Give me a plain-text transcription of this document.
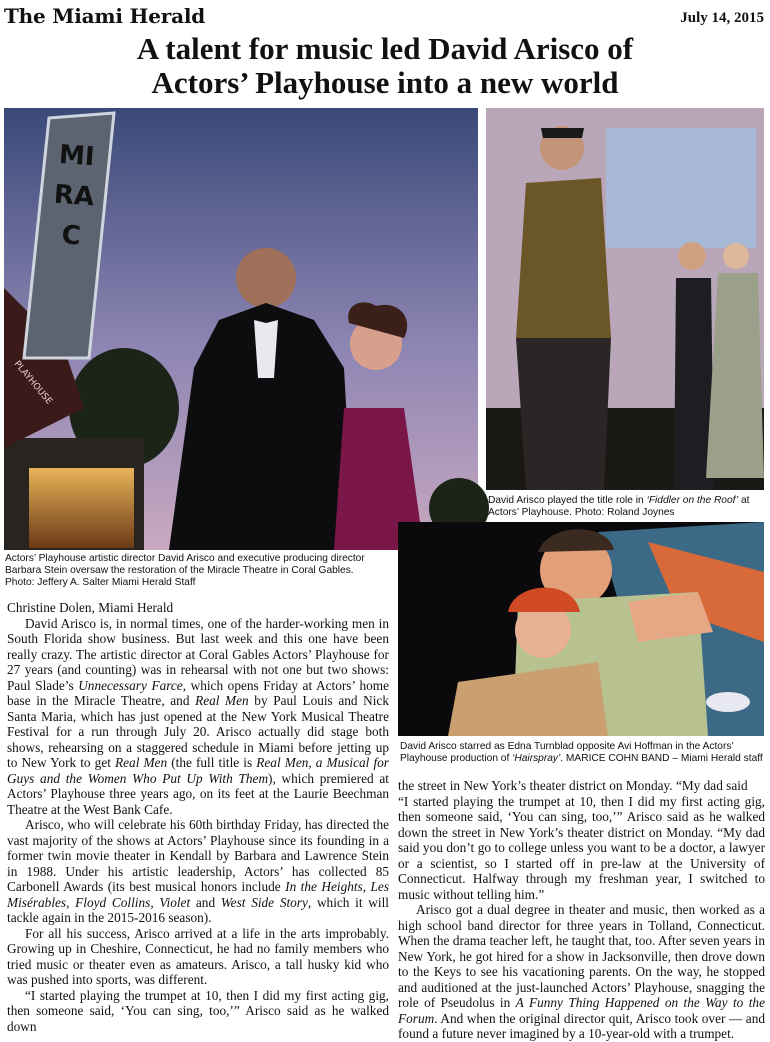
The Miami Herald	July 14, 2015
A talent for music led David Arisco of
Actors’ Playhouse into a new world
MIRAC
PLAYHOUSE
Actors’ Playhouse artistic director David Arisco and executive producing director
Barbara Stein oversaw the restoration of the Miracle Theatre in Coral Gables.
Photo: Jeffery A. Salter Miami Herald Staff
David Arisco played the title role in ‘Fiddler on the Roof’ at
Actors’ Playhouse. Photo: Roland Joynes
David Arisco starred as Edna Turnblad opposite Avi Hoffman in the Actors’
Playhouse production of ‘Hairspray’. MARICE COHN BAND – Miami Herald staff

Christine Dolen, Miami Herald

David Arisco is, in normal times, one of the harder-working men in South Florida show business. But last week and this one have been really crazy. The artistic director at Coral Gables Actors’ Playhouse for 27 years (and counting) was in rehearsal with not one but two shows: Paul Slade’s Unnecessary Farce, which opens Friday at Actors’ home base in the Miracle Theatre, and Real Men by Paul Louis and Nick Santa Maria, which has just opened at the New York Musical Theatre Festival for a run through July 20. Arisco actually did stage both shows, rehearsing on a staggered schedule in Miami before jetting up to New York to get Real Men (the full title is Real Men, a Musical for Guys and the Women Who Put Up With Them), which premiered at Actors’ Playhouse three years ago, on its feet at the Laurie Beechman Theatre at the West Bank Cafe.

Arisco, who will celebrate his 60th birthday Friday, has directed the vast majority of the shows at Actors’ Playhouse since its founding in a former twin movie theater in Kendall by Barbara and Lawrence Stein in 1988. Under his artistic leadership, Actors’ has collected 85 Carbonell Awards (its best musical honors include In the Heights, Les Misérables, Floyd Collins, Violet and West Side Story, which it will tackle again in the 2015-2016 season).

For all his success, Arisco arrived at a life in the arts improbably. Growing up in Cheshire, Connecticut, he had no family members who tried music or theater even as amateurs. Arisco, a tall husky kid who was pushed into sports, was different.

“I started playing the trumpet at 10, then I did my first acting gig, then someone said, ‘You can sing, too,’” Arisco said as he walked down

the street in New York’s theater district on Monday. “My dad said

“I started playing the trumpet at 10, then I did my first acting gig, then someone said, ‘You can sing, too,’” Arisco said as he walked down the street in New York’s theater district on Monday. “My dad said you don’t go to college unless you want to be a doctor, a lawyer or a scientist, so I started off in pre-law at the University of Connecticut. Halfway through my freshman year, I switched to music without telling him.”

Arisco got a dual degree in theater and music, then worked as a high school band director for three years in Tolland, Connecticut. When the drama teacher left, he taught that, too. After seven years in New York, he got hired for a show in Jacksonville, then drove down to the Keys to see his vacationing parents. On the way, he stopped and auditioned at the just-launched Actors’ Playhouse, snagging the role of Pseudolus in A Funny Thing Happened on the Way to the Forum. And when the original director quit, Arisco took over — and found a future never imagined by a 10-year-old with a trumpet.
